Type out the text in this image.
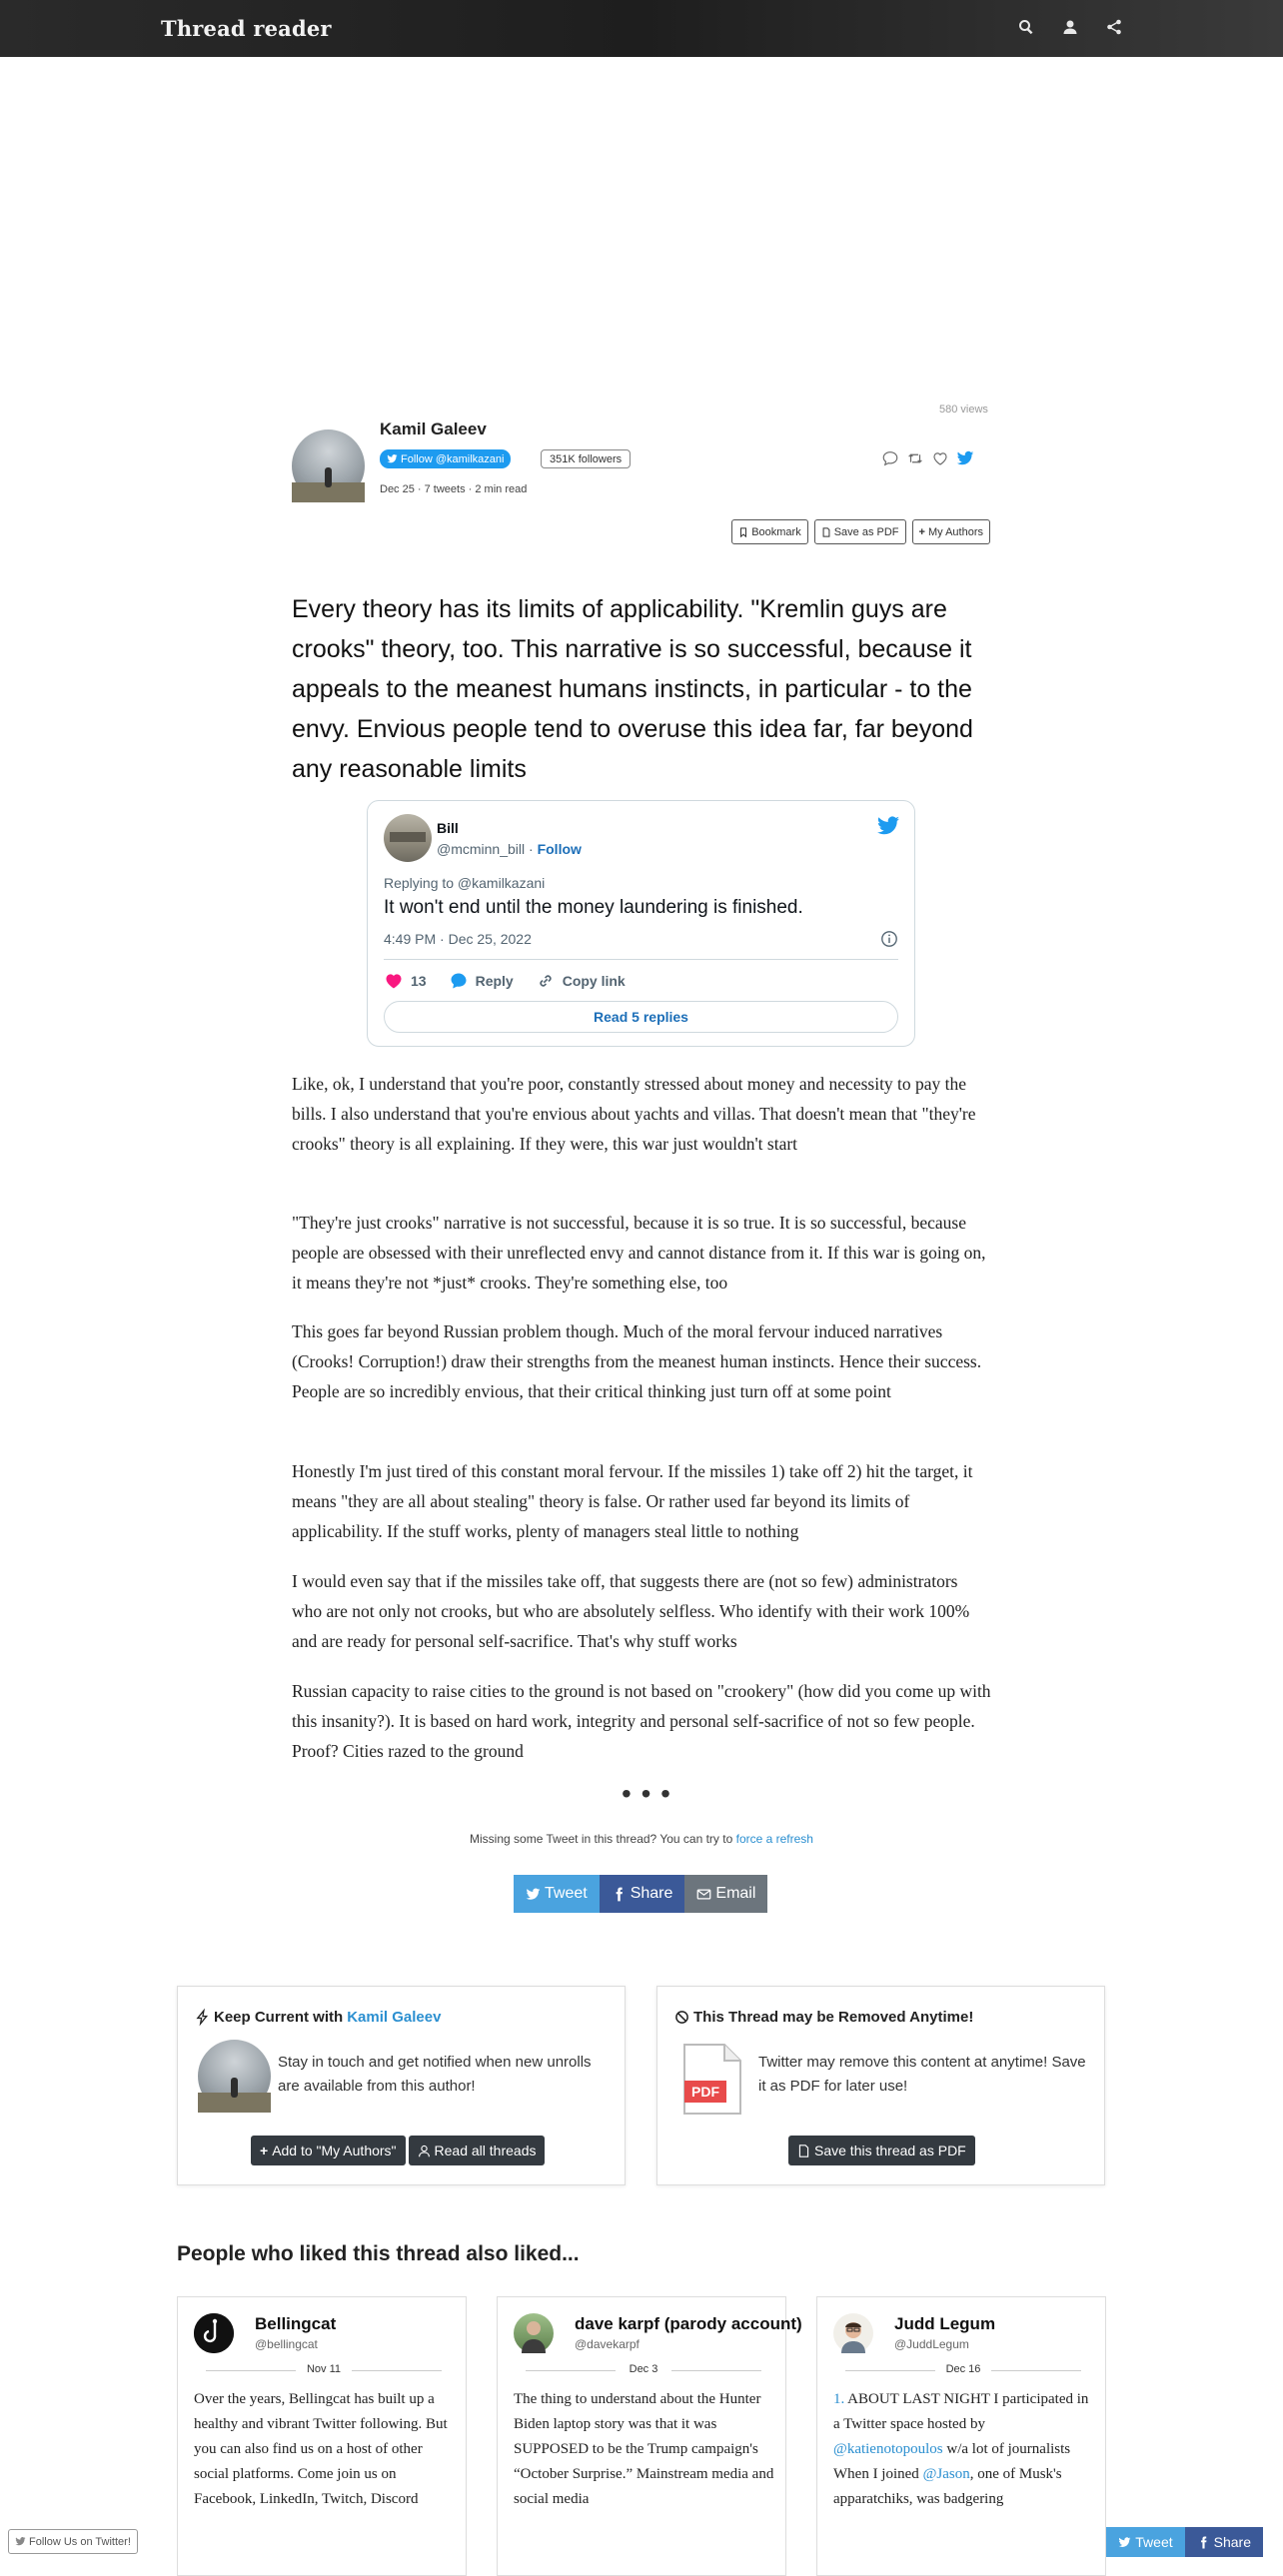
Thread reader
580 views
Kamil Galeev
Follow @kamilkazani	351K followers
Dec 25 · 7 tweets · 2 min read
Bookmark	Save as PDF + My Authors
Every theory has its limits of applicability. "Kremlin guys are crooks" theory, too. This narrative is so successful, because it appeals to the meanest humans instincts, in particular - to the envy. Envious people tend to overuse this idea far, far beyond any reasonable limits
Bill
@mcminn_bill · Follow
Replying to @kamilkazani
It won't end until the money laundering is finished.
4:49 PM · Dec 25, 2022
13	Reply	Copy link
Read 5 replies
Like, ok, I understand that you're poor, constantly stressed about money and necessity to pay the bills. I also understand that you're envious about yachts and villas. That doesn't mean that "they're crooks" theory is all explaining. If they were, this war just wouldn't start
"They're just crooks" narrative is not successful, because it is so true. It is so successful, because people are obsessed with their unreflected envy and cannot distance from it. If this war is going on, it means they're not *just* crooks. They're something else, too
This goes far beyond Russian problem though. Much of the moral fervour induced narratives (Crooks! Corruption!) draw their strengths from the meanest human instincts. Hence their success. People are so incredibly envious, that their critical thinking just turn off at some point
Honestly I'm just tired of this constant moral fervour. If the missiles 1) take off 2) hit the target, it means "they are all about stealing" theory is false. Or rather used far beyond its limits of applicability. If the stuff works, plenty of managers steal little to nothing
I would even say that if the missiles take off, that suggests there are (not so few) administrators who are not only not crooks, but who are absolutely selfless. Who identify with their work 100% and are ready for personal self-sacrifice. That's why stuff works
Russian capacity to raise cities to the ground is not based on "crookery" (how did you come up with this insanity?). It is based on hard work, integrity and personal self-sacrifice of not so few people. Proof? Cities razed to the ground
• • •
Missing some Tweet in this thread? You can try to force a refresh
Tweet	Share	Email
Keep Current with Kamil Galeev
Stay in touch and get notified when new unrolls are available from this author!
+ Add to "My Authors"	Read all threads
This Thread may be Removed Anytime!
PDF
Twitter may remove this content at anytime! Save it as PDF for later use!
Save this thread as PDF
People who liked this thread also liked...
Bellingcat
@bellingcat
Nov 11
Over the years, Bellingcat has built up a healthy and vibrant Twitter following. But you can also find us on a host of other social platforms. Come join us on Facebook, LinkedIn, Twitch, Discord
dave karpf (parody account)
@davekarpf
Dec 3
The thing to understand about the Hunter Biden laptop story was that it was SUPPOSED to be the Trump campaign's “October Surprise.” Mainstream media and social media
Judd Legum
@JuddLegum
Dec 16
1. ABOUT LAST NIGHT I participated in a Twitter space hosted by @katienotopoulos w/a lot of journalists When I joined @Jason, one of Musk's apparatchiks, was badgering
Follow Us on Twitter!	Tweet	Share
